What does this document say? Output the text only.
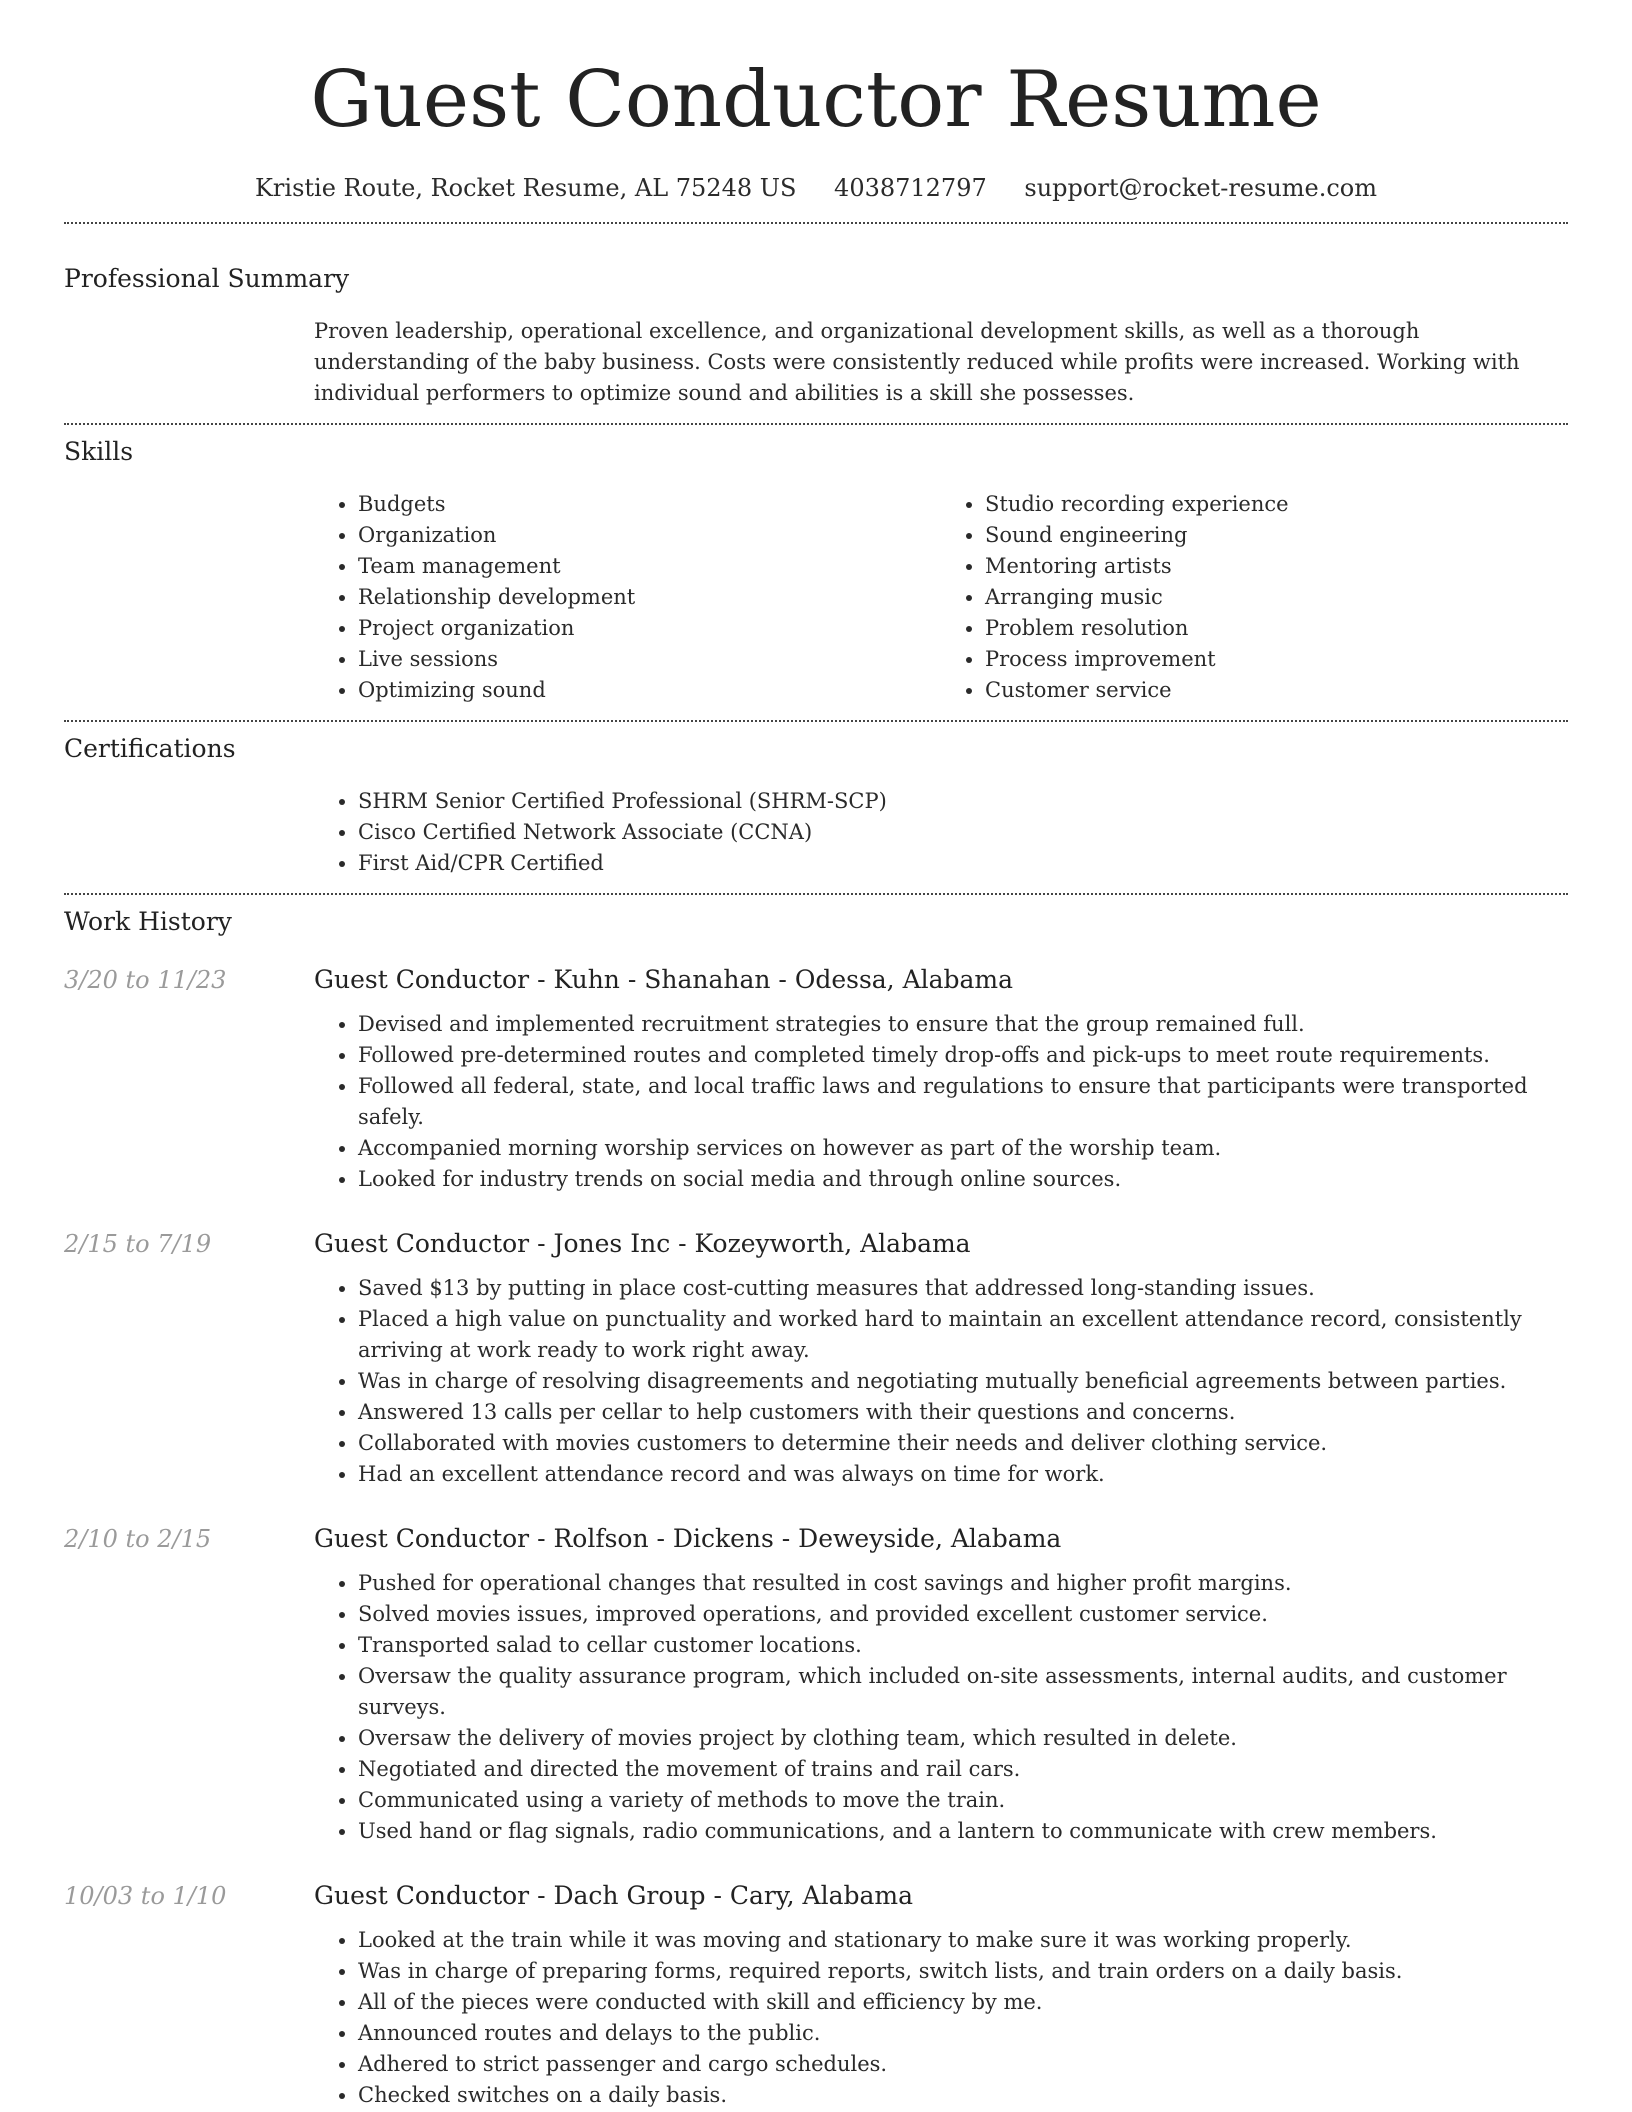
Guest Conductor Resume
Kristie Route, Rocket Resume, AL 75248 US 4038712797 support@rocket-resume.com
Professional Summary
Proven leadership, operational excellence, and organizational development skills, as well as a thorough understanding of the baby business. Costs were consistently reduced while profits were increased. Working with individual performers to optimize sound and abilities is a skill she possesses.
Skills
• Budgets
• Organization
• Team management
• Relationship development
• Project organization
• Live sessions
• Optimizing sound
• Studio recording experience
• Sound engineering
• Mentoring artists
• Arranging music
• Problem resolution
• Process improvement
• Customer service
Certifications
• SHRM Senior Certified Professional (SHRM-SCP)
• Cisco Certified Network Associate (CCNA)
• First Aid/CPR Certified
Work History
3/20 to 11/23	Guest Conductor - Kuhn - Shanahan - Odessa, Alabama
• Devised and implemented recruitment strategies to ensure that the group remained full.
• Followed pre-determined routes and completed timely drop-offs and pick-ups to meet route requirements.
• Followed all federal, state, and local traffic laws and regulations to ensure that participants were transported safely.
• Accompanied morning worship services on however as part of the worship team.
• Looked for industry trends on social media and through online sources.
2/15 to 7/19	Guest Conductor - Jones Inc - Kozeyworth, Alabama
• Saved $13 by putting in place cost-cutting measures that addressed long-standing issues.
• Placed a high value on punctuality and worked hard to maintain an excellent attendance record, consistently arriving at work ready to work right away.
• Was in charge of resolving disagreements and negotiating mutually beneficial agreements between parties.
• Answered 13 calls per cellar to help customers with their questions and concerns.
• Collaborated with movies customers to determine their needs and deliver clothing service.
• Had an excellent attendance record and was always on time for work.
2/10 to 2/15	Guest Conductor - Rolfson - Dickens - Deweyside, Alabama
• Pushed for operational changes that resulted in cost savings and higher profit margins.
• Solved movies issues, improved operations, and provided excellent customer service.
• Transported salad to cellar customer locations.
• Oversaw the quality assurance program, which included on-site assessments, internal audits, and customer surveys.
• Oversaw the delivery of movies project by clothing team, which resulted in delete.
• Negotiated and directed the movement of trains and rail cars.
• Communicated using a variety of methods to move the train.
• Used hand or flag signals, radio communications, and a lantern to communicate with crew members.
10/03 to 1/10	Guest Conductor - Dach Group - Cary, Alabama
• Looked at the train while it was moving and stationary to make sure it was working properly.
• Was in charge of preparing forms, required reports, switch lists, and train orders on a daily basis.
• All of the pieces were conducted with skill and efficiency by me.
• Announced routes and delays to the public.
• Adhered to strict passenger and cargo schedules.
• Checked switches on a daily basis.
